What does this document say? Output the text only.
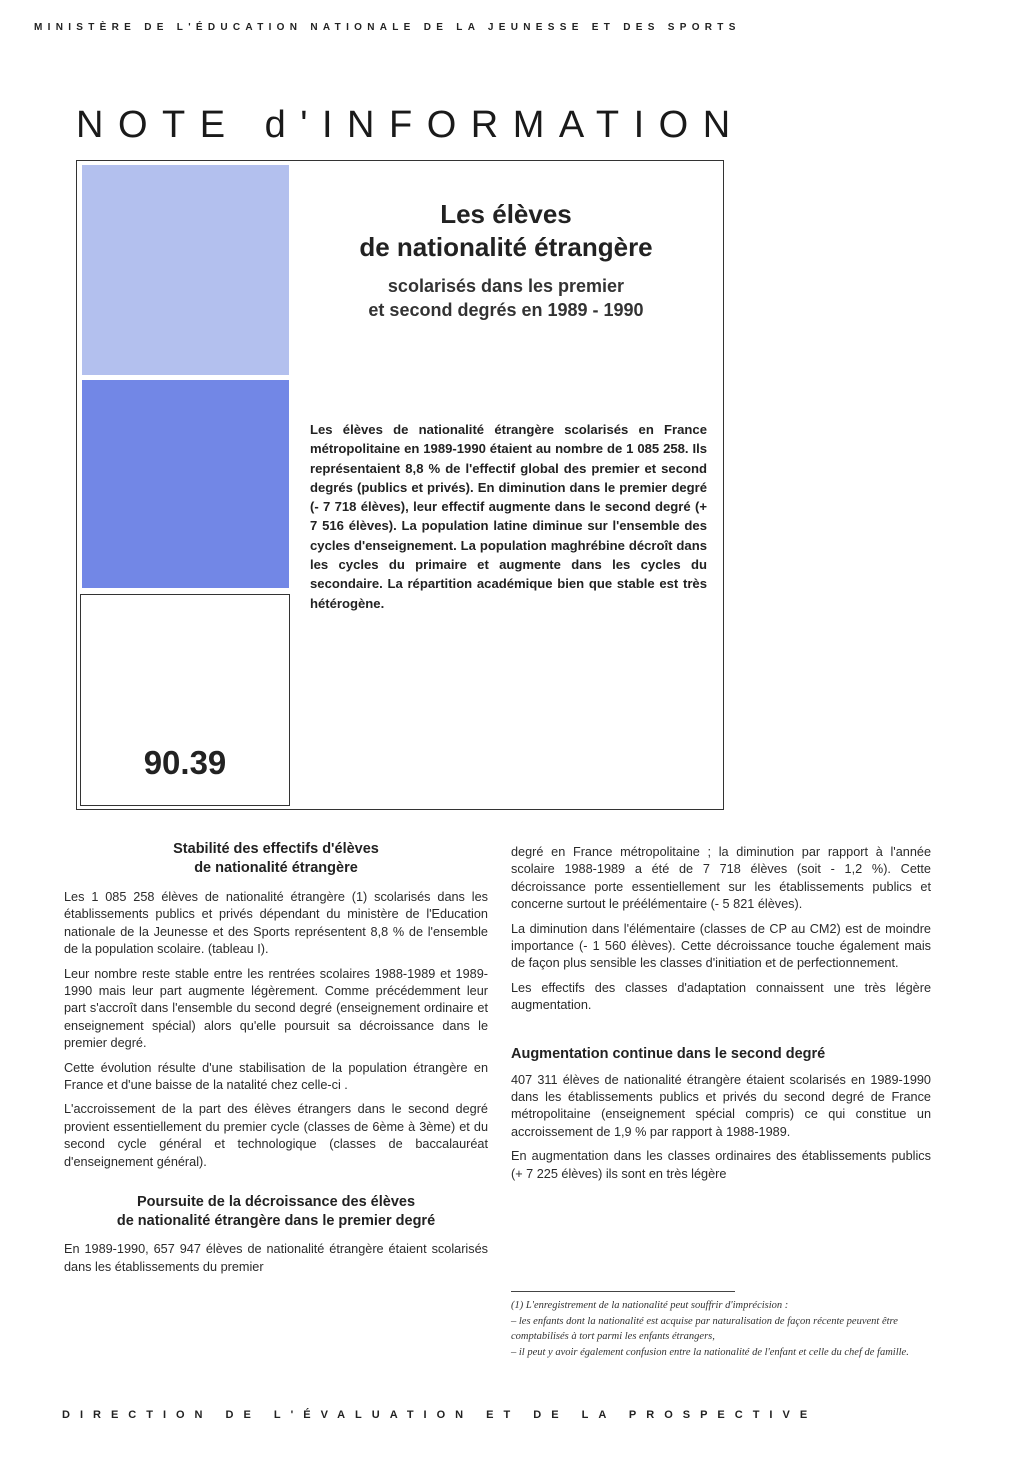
MINISTÈRE DE L'ÉDUCATION NATIONALE DE LA JEUNESSE ET DES SPORTS
NOTE d'INFORMATION
90.39
Les élèves
de nationalité étrangère
scolarisés dans les premier
et second degrés en 1989 - 1990
Les élèves de nationalité étrangère scolarisés en France métropolitaine en 1989-1990 étaient au nombre de 1 085 258. Ils représentaient 8,8 % de l'effectif global des premier et second degrés (publics et privés). En diminution dans le premier degré (- 7 718 élèves), leur effectif augmente dans le second degré (+ 7 516 élèves). La population latine diminue sur l'ensemble des cycles d'enseignement. La population maghrébine décroît dans les cycles du primaire et augmente dans les cycles du secondaire. La répartition académique bien que stable est très hétérogène.
Stabilité des effectifs d'élèves
de nationalité étrangère

Les 1 085 258 élèves de nationalité étrangère (1) scolarisés dans les établissements publics et privés dépendant du ministère de l'Education nationale de la Jeunesse et des Sports représentent 8,8 % de l'ensemble de la population scolaire. (tableau I).

Leur nombre reste stable entre les rentrées scolaires 1988-1989 et 1989-1990 mais leur part augmente légèrement. Comme précédemment leur part s'accroît dans l'ensemble du second degré (enseignement ordinaire et enseignement spécial) alors qu'elle poursuit sa décroissance dans le premier degré.

Cette évolution résulte d'une stabilisation de la population étrangère en France et d'une baisse de la natalité chez celle-ci .

L'accroissement de la part des élèves étrangers dans le second degré provient essentiellement du premier cycle (classes de 6ème à 3ème) et du second cycle général et technologique (classes de baccalauréat d'enseignement général).

Poursuite de la décroissance des élèves
de nationalité étrangère dans le premier degré

En 1989-1990, 657 947 élèves de nationalité étrangère étaient scolarisés dans les établissements du premier

degré en France métropolitaine ; la diminution par rapport à l'année scolaire 1988-1989 a été de 7 718 élèves (soit - 1,2 %). Cette décroissance porte essentiellement sur les établissements publics et concerne surtout le préélémentaire (- 5 821 élèves).

La diminution dans l'élémentaire (classes de CP au CM2) est de moindre importance (- 1 560 élèves). Cette décroissance touche également mais de façon plus sensible les classes d'initiation et de perfectionnement.

Les effectifs des classes d'adaptation connaissent une très légère augmentation.

Augmentation continue dans le second degré

407 311 élèves de nationalité étrangère étaient scolarisés en 1989-1990 dans les établissements publics et privés du second degré de France métropolitaine (enseignement spécial compris) ce qui constitue un accroissement de 1,9 % par rapport à 1988-1989.

En augmentation dans les classes ordinaires des établissements publics (+ 7 225 élèves) ils sont en très légère

(1) L'enregistrement de la nationalité peut souffrir d'imprécision :

– les enfants dont la nationalité est acquise par naturalisation de façon récente peuvent être comptabilisés à tort parmi les enfants étrangers,

– il peut y avoir également confusion entre la nationalité de l'enfant et celle du chef de famille.

DIRECTION DE L'ÉVALUATION ET DE LA PROSPECTIVE
